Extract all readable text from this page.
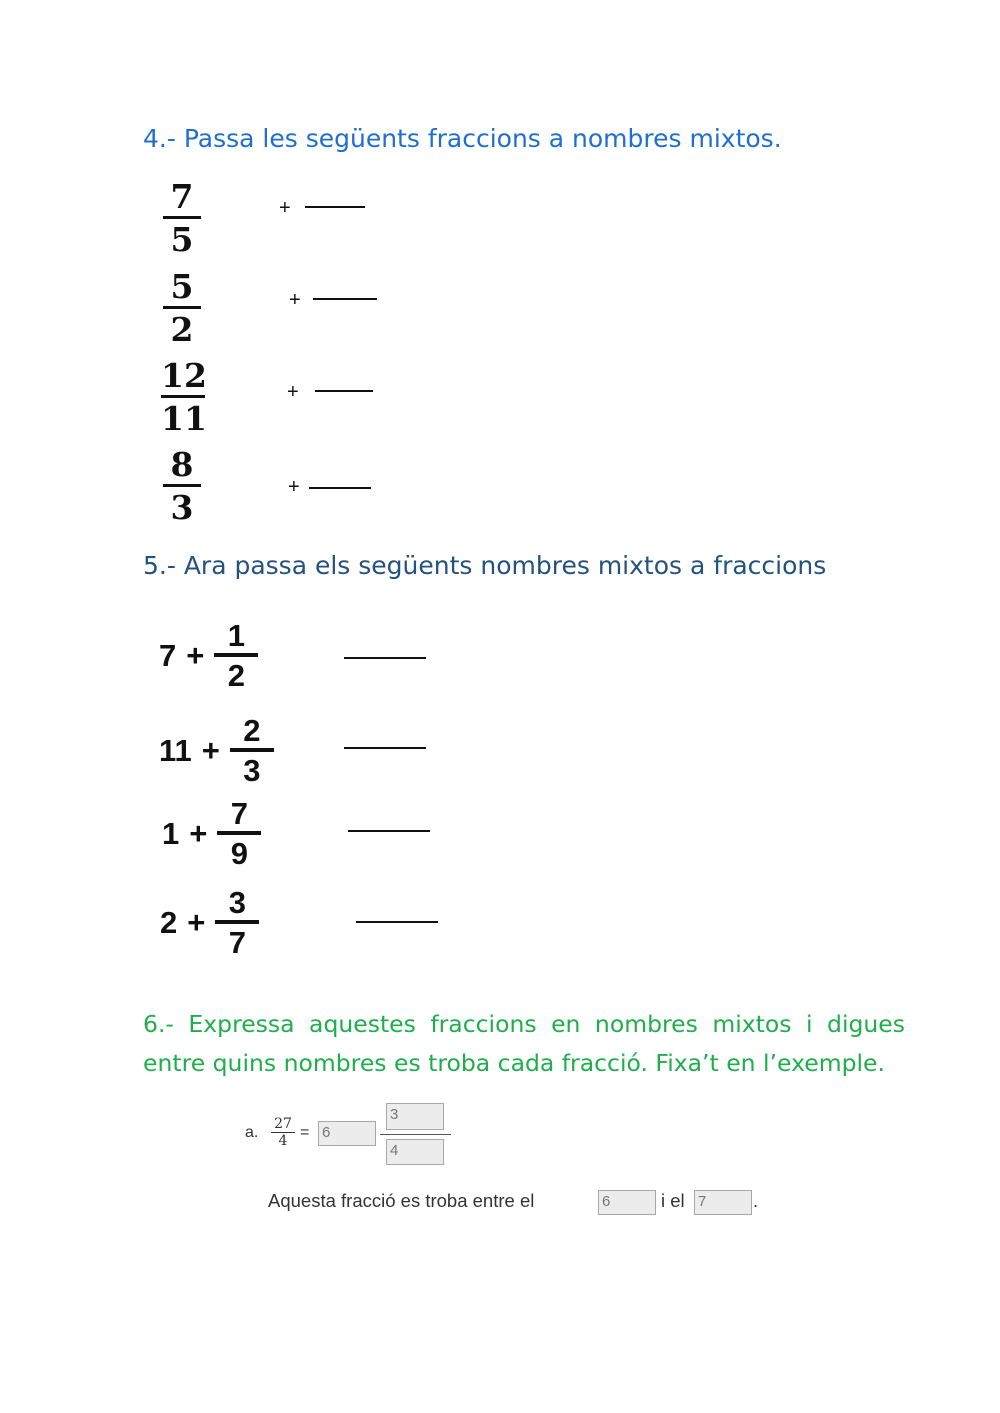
4.- Passa les següents fraccions a nombres mixtos.
7
5
+
5
2
+
12
11
+
8
3
+
5.- Ara passa els següents nombres mixtos a fraccions
7 +
1
2
11 +
2
3
1 +
7
9
2 +
3
7
6.- Expressa aquestes fraccions en nombres mixtos i digues entre quins nombres es troba cada fracció. Fixa’t en l’exemple.
a. 27
4 = 6
3
4
Aquesta fracció es troba entre el	6	i el 7	.
